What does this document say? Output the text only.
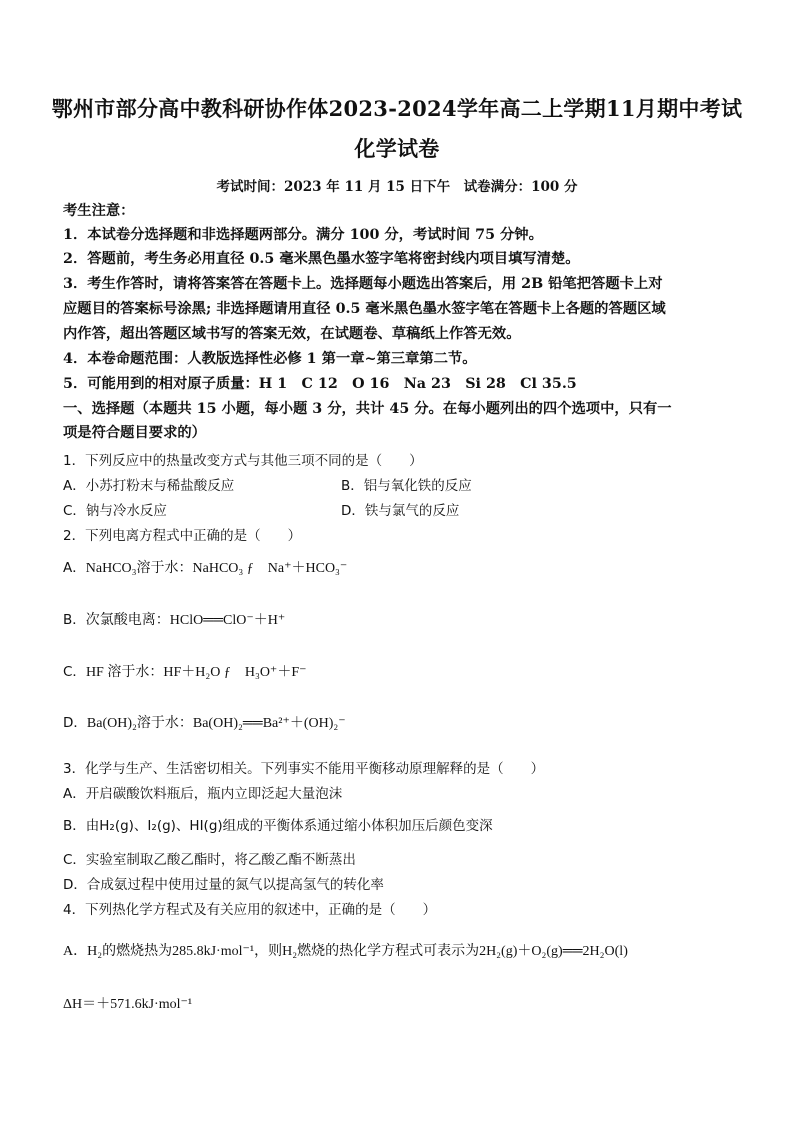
鄂州市部分高中教科研协作体2023-2024学年高二上学期11月期中考试
化学试卷
考试时间：2023 年 11 月 15 日下午　试卷满分：100 分
考生注意：
1．本试卷分选择题和非选择题两部分。满分 100 分，考试时间 75 分钟。
2．答题前，考生务必用直径 0.5 毫米黑色墨水签字笔将密封线内项目填写清楚。
3．考生作答时，请将答案答在答题卡上。选择题每小题选出答案后，用 2B 铅笔把答题卡上对
应题目的答案标号涂黑; 非选择题请用直径 0.5 毫米黑色墨水签字笔在答题卡上各题的答题区域
内作答，超出答题区域书写的答案无效，在试题卷、草稿纸上作答无效。
4．本卷命题范围：人教版选择性必修 1 第一章~第三章第二节。
5．可能用到的相对原子质量：H 1　C 12　O 16　Na 23　Si 28　Cl 35.5
一、选择题（本题共 15 小题，每小题 3 分，共计 45 分。在每小题列出的四个选项中，只有一
项是符合题目要求的）
1．下列反应中的热量改变方式与其他三项不同的是（　　）
A．小苏打粉末与稀盐酸反应	B．铝与氧化铁的反应
C．钠与冷水反应	D．铁与氯气的反应
2．下列电离方程式中正确的是（　　）
A．NaHCO₃溶于水：NaHCO₃ ƒ　Na⁺＋HCO₃⁻
B．次氯酸电离：HClO══ClO⁻＋H⁺
C．HF 溶于水：HF＋H₂O ƒ　H₃O⁺＋F⁻
D．Ba(OH)₂溶于水：Ba(OH)₂══Ba²⁺＋(OH)₂⁻
3．化学与生产、生活密切相关。下列事实不能用平衡移动原理解释的是（　　）
A．开启碳酸饮料瓶后，瓶内立即泛起大量泡沫
B．由H₂(g)、I₂(g)、HI(g)组成的平衡体系通过缩小体积加压后颜色变深
C．实验室制取乙酸乙酯时，将乙酸乙酯不断蒸出
D．合成氨过程中使用过量的氮气以提高氢气的转化率
4．下列热化学方程式及有关应用的叙述中，正确的是（　　）
A．H₂的燃烧热为285.8kJ·mol⁻¹，则H₂燃烧的热化学方程式可表示为2H₂(g)＋O₂(g)══2H₂O(l)
ΔH＝＋571.6kJ·mol⁻¹
